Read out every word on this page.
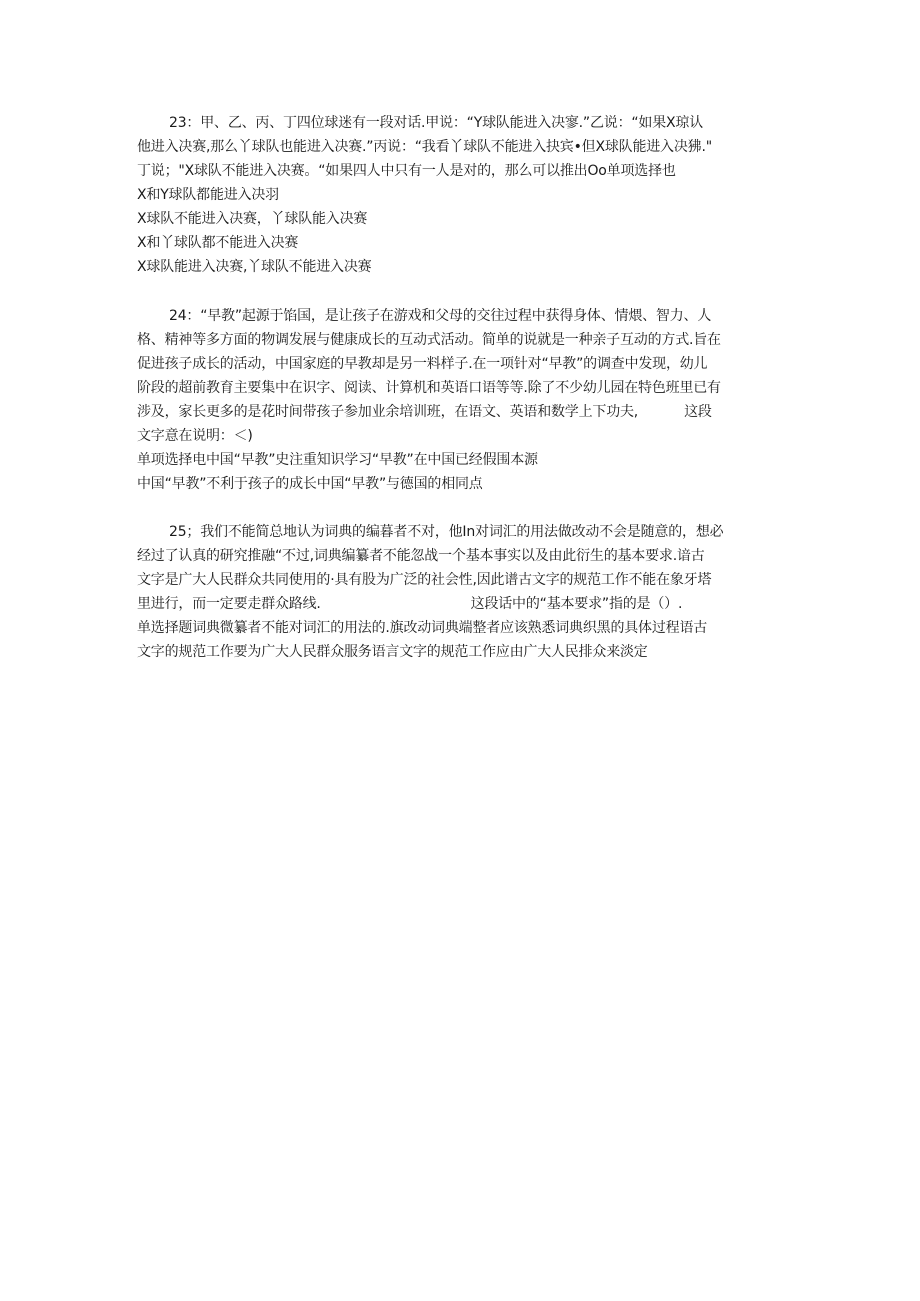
23：甲、乙、丙、丁四位球迷有一段对话.甲说：“Y球队能进入决寥.”乙说：“如果X琼认
他进入决赛,那么丫球队也能进入决赛.”丙说：“我看丫球队不能进入抉宾•但X球队能进入决狒."
丁说；"X球队不能进入决赛。“如果四人中只有一人是对的，那么可以推出Oo单项选择也
X和Y球队都能进入决羽
X球队不能进入决赛，丫球队能入决赛
X和丫球队都不能进入决赛
X球队能进入决赛,丫球队不能进入决赛
24：“早教”起源于馅国，是让孩子在游戏和父母的交往过程中获得身体、情煨、智力、人
格、精神等多方面的物调发展与健康成长的互动式活动。简单的说就是一种亲子互动的方式.旨在
促进孩子成长的活动，中国家庭的早教却是另一料样子.在一项针对“早教”的调查中发现，幼儿
阶段的超前教育主要集中在识字、阅读、计算机和英语口语等等.除了不少幼儿园在特色班里已有
涉及，家长更多的是花时间带孩子参加业余培训班，在语文、英语和数学上下功夫,	这段
文字意在说明：＜)
单项选择电中国“早教”史注重知识学习“早教”在中国已经假围本源
中国“早教”不利于孩子的成长中国“早教”与德国的相同点
25；我们不能简总地认为词典的编暮者不对，他In对词汇的用法做改动不会是随意的，想必
经过了认真的研究推融“不过,词典编纂者不能忽战一个基本事实以及由此衍生的基本要求.谙古
文字是广大人民群众共同使用的·具有股为广泛的社会性,因此谱古文字的规范工作不能在象牙塔
里进行，而一定要走群众路线.	这段话中的“基本要求”指的是（）.
单选择题词典微纂者不能对词汇的用法的.旗改动词典端整者应该熟悉词典织黑的具体过程语古
文字的规范工作要为广大人民群众服务语言文字的规范工作应由广大人民排众来淡定
